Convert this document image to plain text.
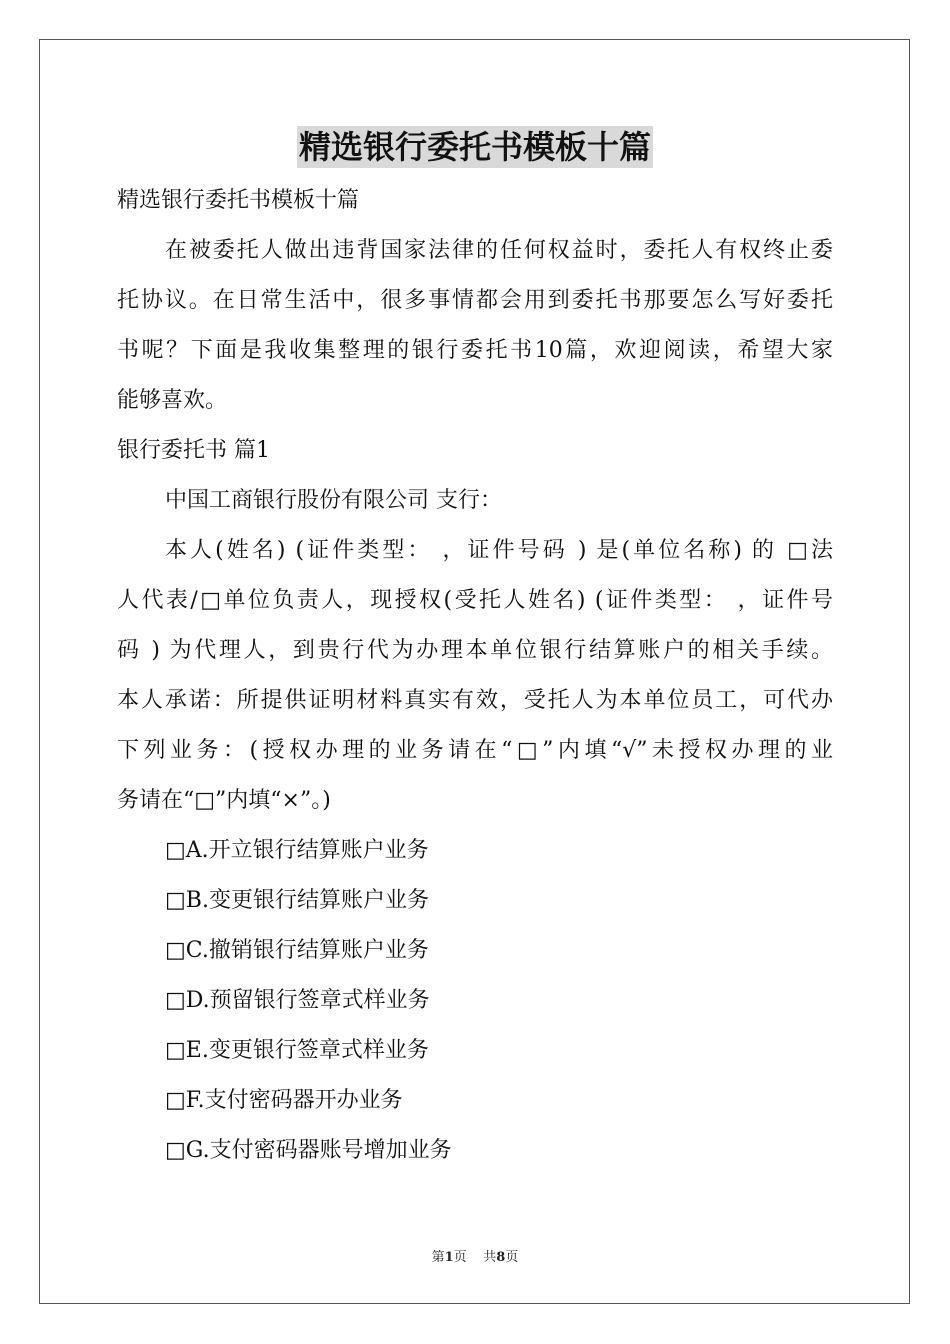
精选银行委托书模板十篇
精选银行委托书模板十篇
在被委托人做出违背国家法律的任何权益时，委托人有权终止委
托协议。在日常生活中，很多事情都会用到委托书那要怎么写好委托
书呢？下面是我收集整理的银行委托书10篇，欢迎阅读，希望大家
能够喜欢。
银行委托书 篇1
中国工商银行股份有限公司 支行：
本人(姓名) (证件类型： ，证件号码 ) 是(单位名称) 的 □法
人代表/□单位负责人，现授权(受托人姓名) (证件类型： ，证件号
码 ) 为代理人，到贵行代为办理本单位银行结算账户的相关手续。
本人承诺：所提供证明材料真实有效，受托人为本单位员工，可代办
下列业务：(授权办理的业务请在“□”内填“√”未授权办理的业
务请在“□”内填“×”。)
□A.开立银行结算账户业务
□B.变更银行结算账户业务
□C.撤销银行结算账户业务
□D.预留银行签章式样业务
□E.变更银行签章式样业务
□F.支付密码器开办业务
□G.支付密码器账号增加业务
第1页 共8页
